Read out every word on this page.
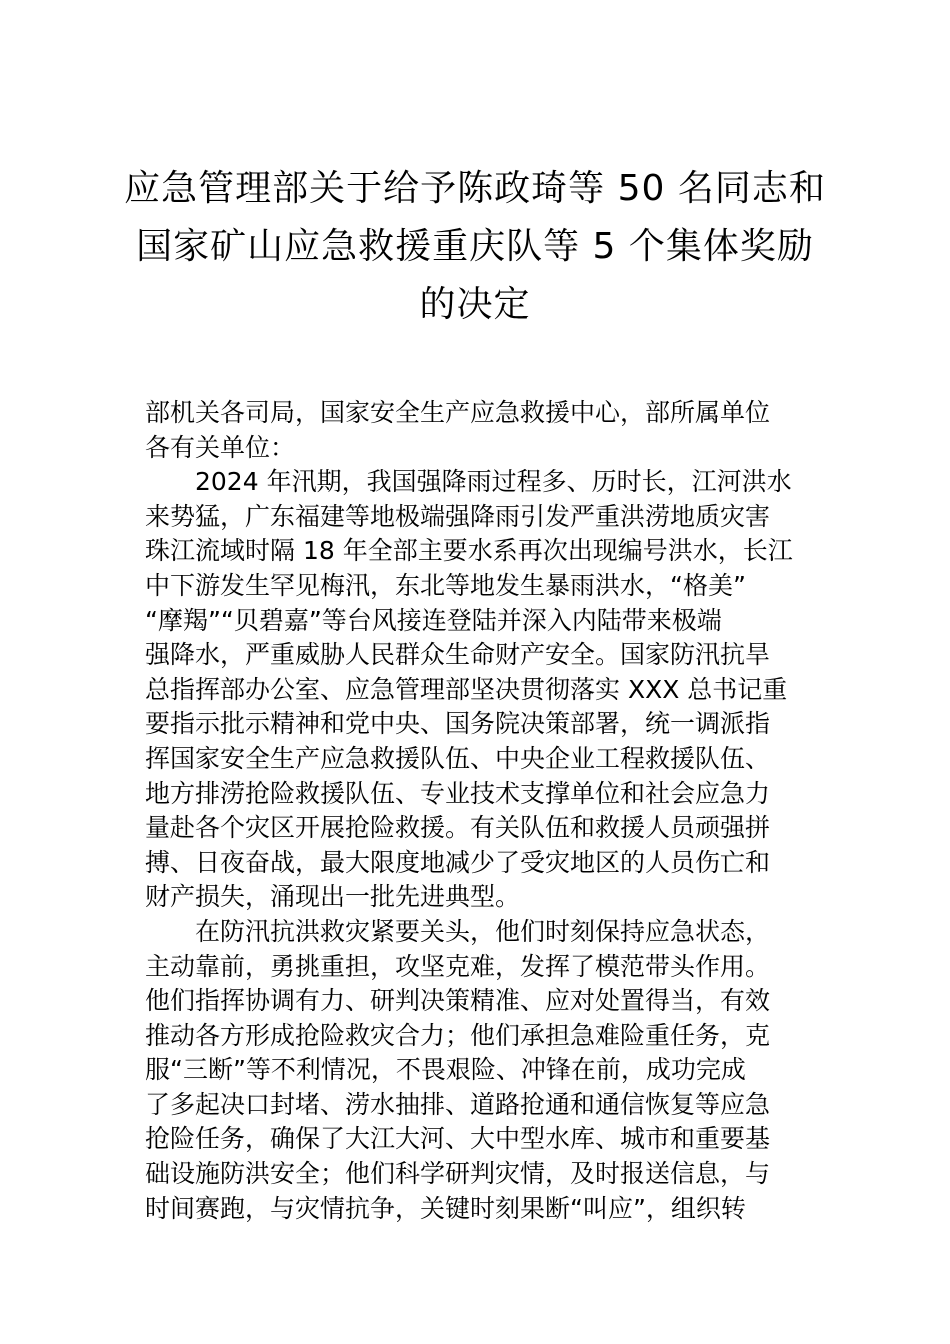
应急管理部关于给予陈政琦等 50 名同志和
国家矿山应急救援重庆队等 5 个集体奖励
的决定
部机关各司局，国家安全生产应急救援中心，部所属单位
各有关单位：
2024 年汛期，我国强降雨过程多、历时长，江河洪水
来势猛，广东福建等地极端强降雨引发严重洪涝地质灾害
珠江流域时隔 18 年全部主要水系再次出现编号洪水，长江
中下游发生罕见梅汛，东北等地发生暴雨洪水，“格美”
“摩羯”“贝碧嘉”等台风接连登陆并深入内陆带来极端
强降水，严重威胁人民群众生命财产安全。国家防汛抗旱
总指挥部办公室、应急管理部坚决贯彻落实 XXX 总书记重
要指示批示精神和党中央、国务院决策部署，统一调派指
挥国家安全生产应急救援队伍、中央企业工程救援队伍、
地方排涝抢险救援队伍、专业技术支撑单位和社会应急力
量赴各个灾区开展抢险救援。有关队伍和救援人员顽强拼
搏、日夜奋战，最大限度地减少了受灾地区的人员伤亡和
财产损失，涌现出一批先进典型。
在防汛抗洪救灾紧要关头，他们时刻保持应急状态，
主动靠前，勇挑重担，攻坚克难，发挥了模范带头作用。
他们指挥协调有力、研判决策精准、应对处置得当，有效
推动各方形成抢险救灾合力；他们承担急难险重任务，克
服“三断”等不利情况，不畏艰险、冲锋在前，成功完成
了多起决口封堵、涝水抽排、道路抢通和通信恢复等应急
抢险任务，确保了大江大河、大中型水库、城市和重要基
础设施防洪安全；他们科学研判灾情，及时报送信息，与
时间赛跑，与灾情抗争，关键时刻果断“叫应”，组织转
